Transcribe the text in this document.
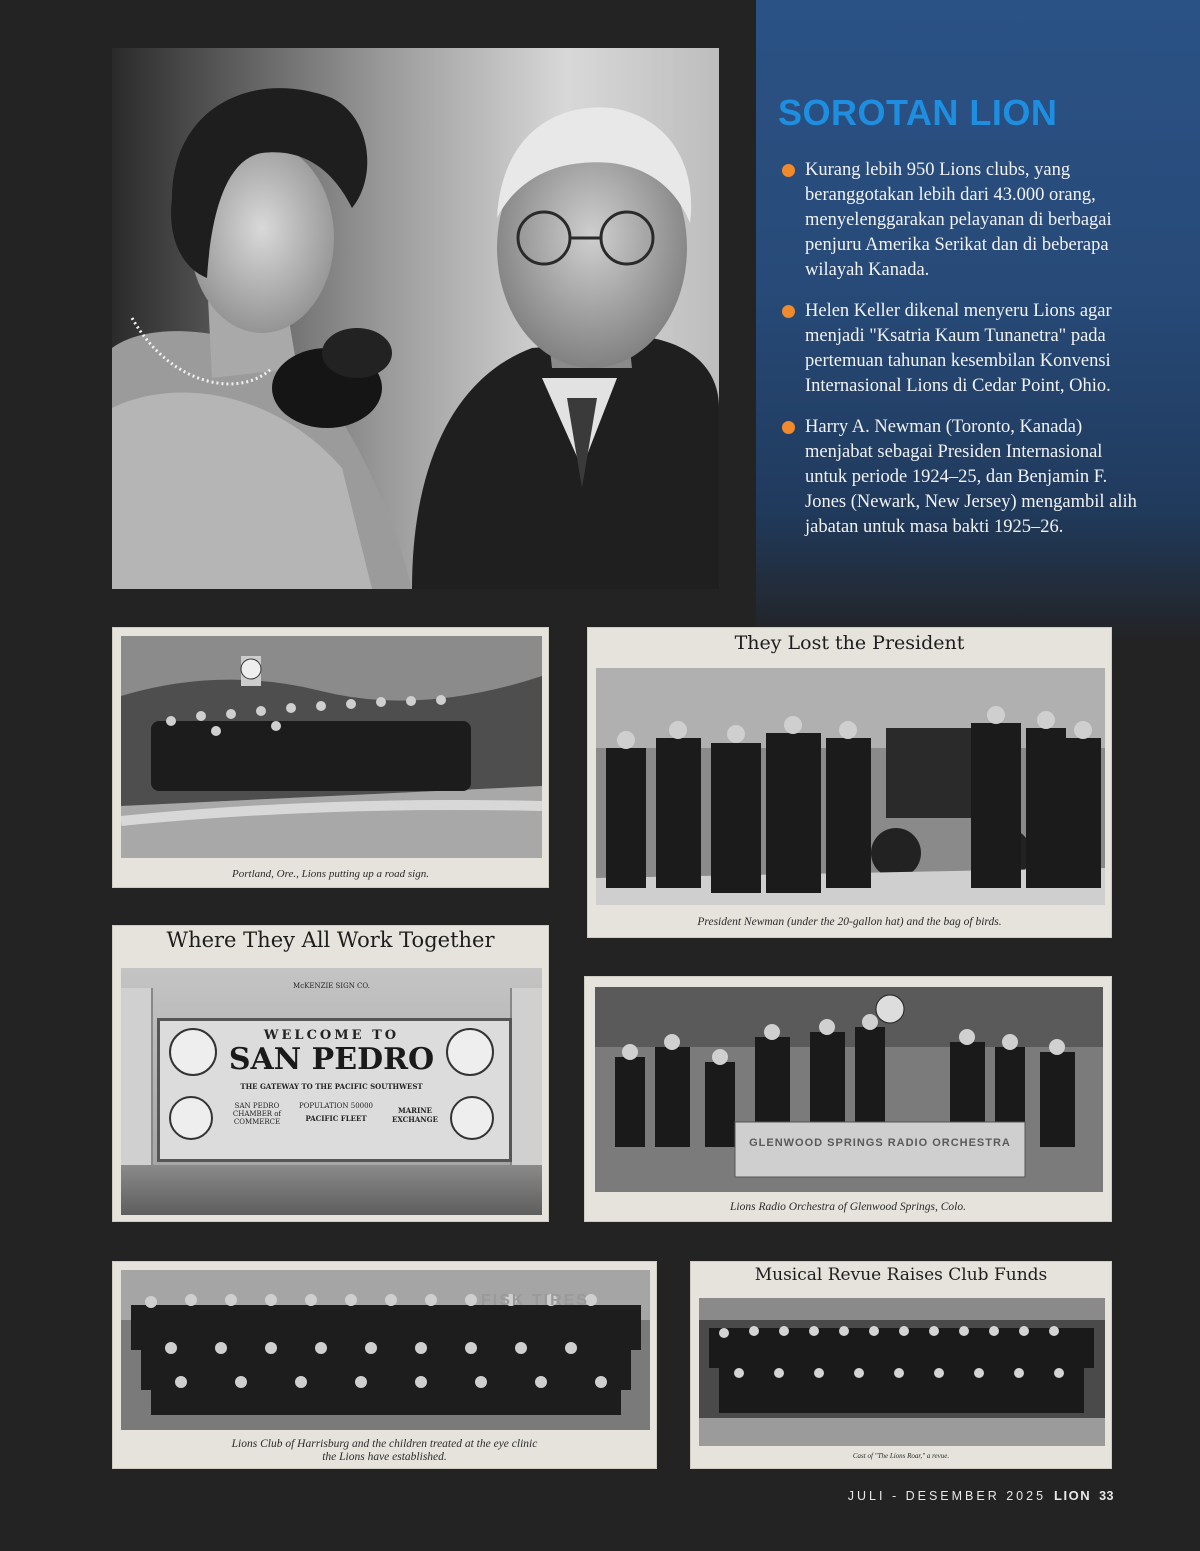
SOROTAN LION
Kurang lebih 950 Lions clubs, yang beranggotakan lebih dari 43.000 orang, menyelenggarakan pelayanan di berbagai penjuru Amerika Serikat dan di beberapa wilayah Kanada.
Helen Keller dikenal menyeru Lions agar menjadi "Ksatria Kaum Tunanetra" pada pertemuan tahunan kesembilan Konvensi Internasional Lions di Cedar Point, Ohio.
Harry A. Newman (Toronto, Kanada) menjabat sebagai Presiden Internasional untuk periode 1924–25, dan Benjamin F. Jones (Newark, New Jersey) mengambil alih jabatan untuk masa bakti 1925–26.
Portland, Ore., Lions putting up a road sign.
They Lost the President
President Newman (under the 20-gallon hat) and the bag of birds.
Where They All Work Together
McKENZIE SIGN CO.
WELCOME TO
SAN PEDRO
THE GATEWAY TO THE PACIFIC SOUTHWEST
SAN PEDRO CHAMBER of COMMERCE
POPULATION 50000
PACIFIC FLEET
MARINE EXCHANGE
GLENWOOD SPRINGS RADIO ORCHESTRA
Lions Radio Orchestra of Glenwood Springs, Colo.
FISK TIRES
Lions Club of Harrisburg and the children treated at the eye clinic
the Lions have established.
Musical Revue Raises Club Funds
Cast of "The Lions Roar," a revue.
JULI - DESEMBER 2025 LION 33
